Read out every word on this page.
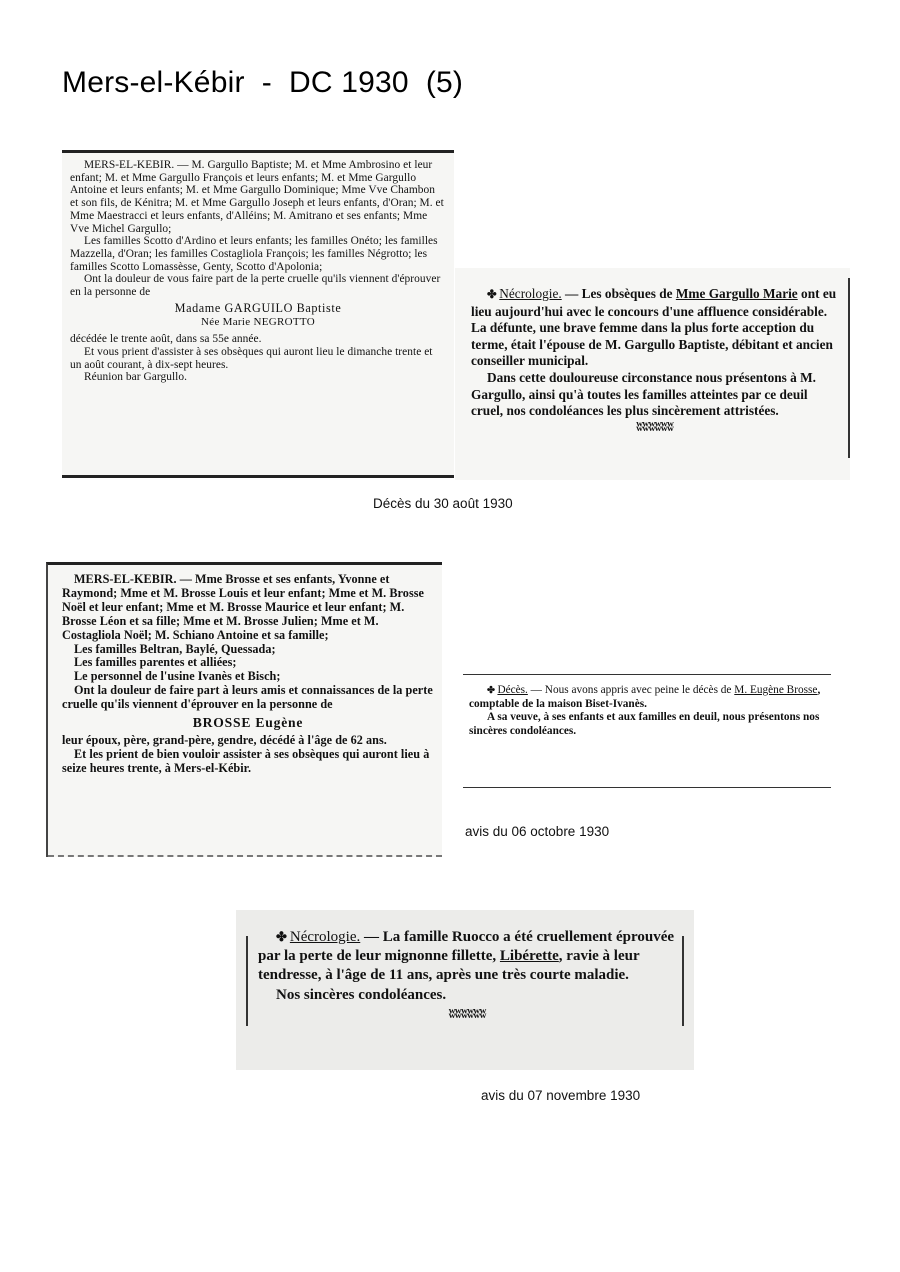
Mers-el-Kébir  -  DC 1930  (5)

MERS-EL-KEBIR. — M. Gargullo Baptiste; M. et Mme Ambrosino et leur enfant; M. et Mme Gargullo François et leurs enfants; M. et Mme Gargullo Antoine et leurs enfants; M. et Mme Gargullo Dominique; Mme Vve Chambon et son fils, de Kénitra; M. et Mme Gargullo Joseph et leurs enfants, d'Oran; M. et Mme Maestracci et leurs enfants, d'Alléins; M. Amitrano et ses enfants; Mme Vve Michel Gargullo;

Les familles Scotto d'Ardino et leurs enfants; les familles Onéto; les familles Mazzella, d'Oran; les familles Costagliola François; les familles Négrotto; les familles Scotto Lomassèsse, Genty, Scotto d'Apolonia;

Ont la douleur de vous faire part de la perte cruelle qu'ils viennent d'éprouver en la personne de

Madame GARGUILO Baptiste

Née Marie NEGROTTO

décédée le trente août, dans sa 55e année.

Et vous prient d'assister à ses obsèques qui auront lieu le dimanche trente et un août courant, à dix-sept heures.

Réunion bar Gargullo.

✤ Nécrologie. — Les obsèques de Mme Gargullo Marie ont eu lieu aujourd'hui avec le concours d'une affluence considérable. La défunte, une brave femme dans la plus forte acception du terme, était l'épouse de M. Gargullo Baptiste, débitant et ancien conseiller municipal.

Dans cette douloureuse circonstance nous présentons à M. Gargullo, ainsi qu'à toutes les familles atteintes par ce deuil cruel, nos condoléances les plus sincèrement attristées.

ʬʬʬʬʬʬ

Décès du 30 août 1930

MERS-EL-KEBIR. — Mme Brosse et ses enfants, Yvonne et Raymond; Mme et M. Brosse Louis et leur enfant; Mme et M. Brosse Noël et leur enfant; Mme et M. Brosse Maurice et leur enfant; M. Brosse Léon et sa fille; Mme et M. Brosse Julien; Mme et M. Costagliola Noël; M. Schiano Antoine et sa famille;

Les familles Beltran, Baylé, Quessada;

Les familles parentes et alliées;

Le personnel de l'usine Ivanès et Bisch;

Ont la douleur de faire part à leurs amis et connaissances de la perte cruelle qu'ils viennent d'éprouver en la personne de

BROSSE Eugène

leur époux, père, grand-père, gendre, décédé à l'âge de 62 ans.

Et les prient de bien vouloir assister à ses obsèques qui auront lieu à seize heures trente, à Mers-el-Kébir.

✤ Décès. — Nous avons appris avec peine le décès de M. Eugène Brosse, comptable de la maison Biset-Ivanès.

A sa veuve, à ses enfants et aux familles en deuil, nous présentons nos sincères condoléances.

avis du 06 octobre 1930

✤ Nécrologie. — La famille Ruocco a été cruellement éprouvée par la perte de leur mignonne fillette, Libérette, ravie à leur tendresse, à l'âge de 11 ans, après une très courte maladie.

Nos sincères condoléances.

ʬʬʬʬʬʬ

avis du 07 novembre 1930
